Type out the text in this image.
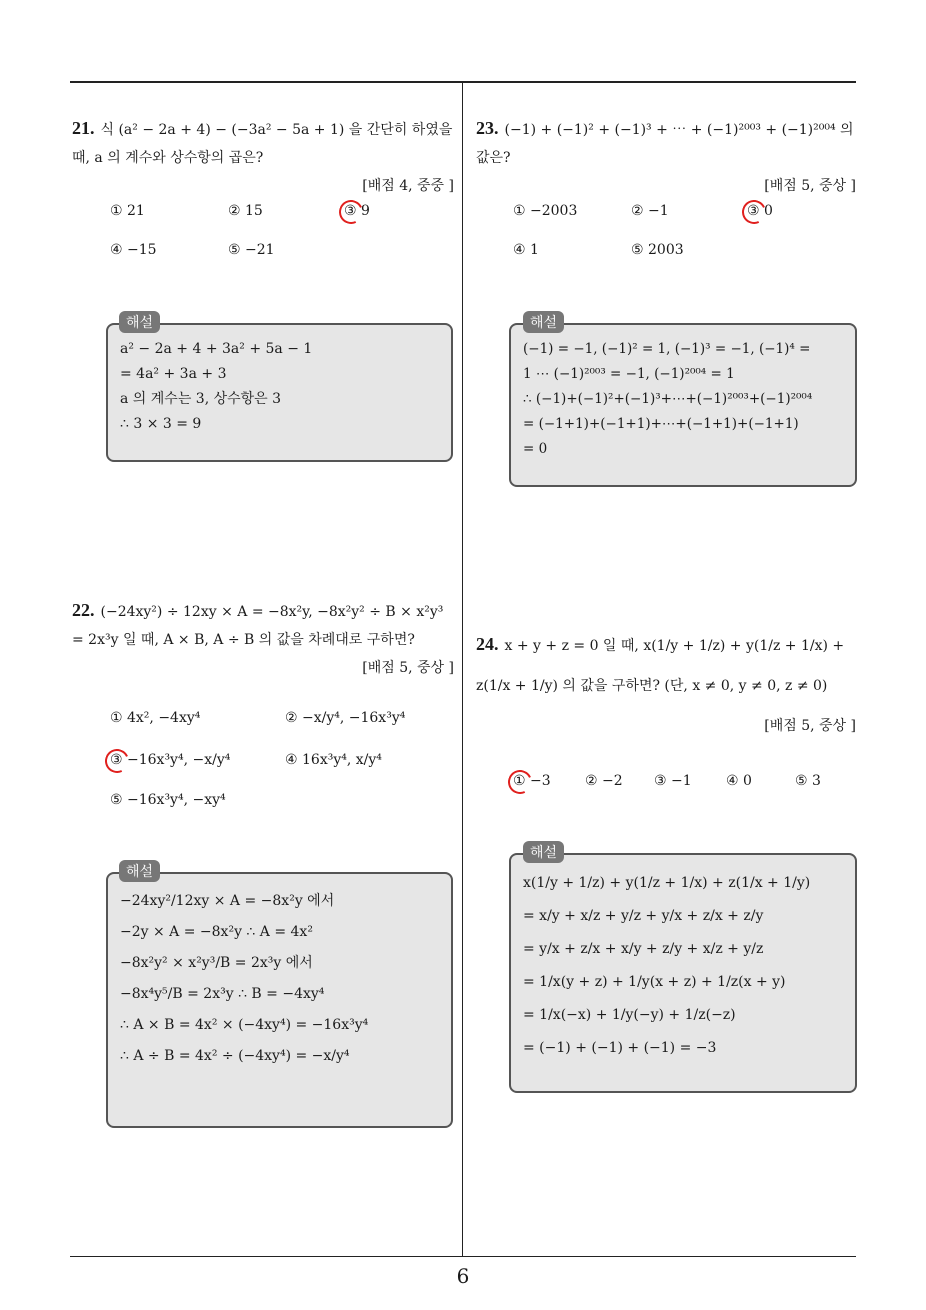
6
21. 식 (a² − 2a + 4) − (−3a² − 5a + 1) 을 간단히 하였을 때, a 의 계수와 상수항의 곱은?
[배점 4, 중중 ]
① 21	② 15	③ 9
④ −15	⑤ −21
a² − 2a + 4 + 3a² + 5a − 1
= 4a² + 3a + 3
a 의 계수는 3, 상수항은 3
∴ 3 × 3 = 9
해설
23. (−1) + (−1)² + (−1)³ + ⋯ + (−1)²⁰⁰³ + (−1)²⁰⁰⁴ 의 값은?
[배점 5, 중상 ]
① −2003	② −1	③ 0
④ 1	⑤ 2003
(−1) = −1, (−1)² = 1, (−1)³ = −1, (−1)⁴ =
1 ⋯ (−1)²⁰⁰³ = −1, (−1)²⁰⁰⁴ = 1
∴ (−1)+(−1)²+(−1)³+⋯+(−1)²⁰⁰³+(−1)²⁰⁰⁴
= (−1+1)+(−1+1)+⋯+(−1+1)+(−1+1)
= 0
해설
22. (−24xy²) ÷ 12xy × A = −8x²y, −8x²y² ÷ B × x²y³ = 2x³y 일 때, A × B, A ÷ B 의 값을 차례대로 구하면?
[배점 5, 중상 ]
① 4x², −4xy⁴	② −x/y⁴, −16x³y⁴
③ −16x³y⁴, −x/y⁴	④ 16x³y⁴, x/y⁴
⑤ −16x³y⁴, −xy⁴
−24xy²/12xy × A = −8x²y 에서
−2y × A = −8x²y ∴ A = 4x²
−8x²y² × x²y³/B = 2x³y 에서
−8x⁴y⁵/B = 2x³y ∴ B = −4xy⁴
∴ A × B = 4x² × (−4xy⁴) = −16x³y⁴
∴ A ÷ B = 4x² ÷ (−4xy⁴) = −x/y⁴
해설
24. x + y + z = 0 일 때, x(1/y + 1/z) + y(1/z + 1/x) + z(1/x + 1/y) 의 값을 구하면? (단, x ≠ 0, y ≠ 0, z ≠ 0)
[배점 5, 중상 ]
① −3 ② −2 ③ −1 ④ 0	⑤ 3
x(1/y + 1/z) + y(1/z + 1/x) + z(1/x + 1/y)
= x/y + x/z + y/z + y/x + z/x + z/y
= y/x + z/x + x/y + z/y + x/z + y/z
= 1/x(y + z) + 1/y(x + z) + 1/z(x + y)
= 1/x(−x) + 1/y(−y) + 1/z(−z)
= (−1) + (−1) + (−1) = −3
해설
